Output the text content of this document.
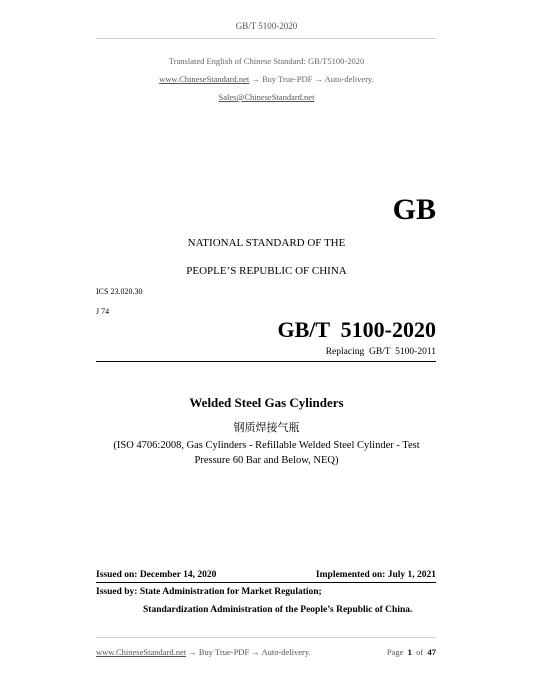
GB/T 5100-2020
Translated English of Chinese Standard: GB/T5100-2020
www.ChineseStandard.net → Buy True-PDF → Auto-delivery.
Sales@ChineseStandard.net
GB
NATIONAL STANDARD OF THE
PEOPLE’S REPUBLIC OF CHINA
ICS 23.020.30
J 74
GB/T  5100-2020
Replacing  GB/T  5100-2011
Welded Steel Gas Cylinders
钢质焊接气瓶
(ISO 4706:2008, Gas Cylinders - Refillable Welded Steel Cylinder - Test
Pressure 60 Bar and Below, NEQ)
Issued on: December 14, 2020	Implemented on: July 1, 2021
Issued by: State Administration for Market Regulation;
Standardization Administration of the People’s Republic of China.
www.ChineseStandard.net → Buy True-PDF → Auto-delivery.	Page 1 of 47
